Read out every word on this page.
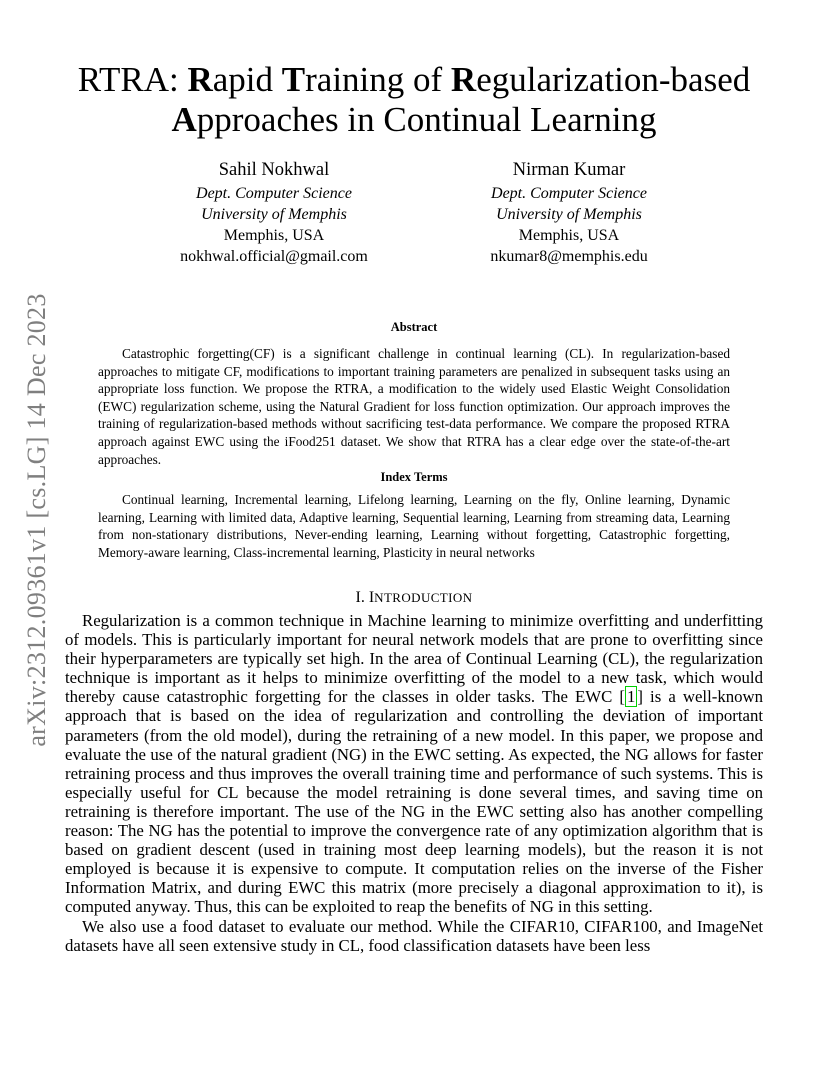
arXiv:2312.09361v1 [cs.LG] 14 Dec 2023
RTRA: Rapid Training of Regularization-based
Approaches in Continual Learning
Sahil Nokhwal
Dept. Computer Science
University of Memphis
Memphis, USA
nokhwal.official@gmail.com
Nirman Kumar
Dept. Computer Science
University of Memphis
Memphis, USA
nkumar8@memphis.edu
Abstract
Catastrophic forgetting(CF) is a significant challenge in continual learning (CL). In regularization-based approaches to mitigate CF, modifications to important training parameters are penalized in subsequent tasks using an appropriate loss function. We propose the RTRA, a modification to the widely used Elastic Weight Consolidation (EWC) regularization scheme, using the Natural Gradient for loss function optimization. Our approach improves the training of regularization-based methods without sacrificing test-data performance. We compare the proposed RTRA approach against EWC using the iFood251 dataset. We show that RTRA has a clear edge over the state-of-the-art approaches.
Index Terms
Continual learning, Incremental learning, Lifelong learning, Learning on the fly, Online learning, Dynamic learning, Learning with limited data, Adaptive learning, Sequential learning, Learning from streaming data, Learning from non-stationary distributions, Never-ending learning, Learning without forgetting, Catastrophic forgetting, Memory-aware learning, Class-incremental learning, Plasticity in neural networks
I. INTRODUCTION

Regularization is a common technique in Machine learning to minimize overfitting and underfitting of models. This is particularly important for neural network models that are prone to overfitting since their hyperparameters are typically set high. In the area of Continual Learning (CL), the regularization technique is important as it helps to minimize overfitting of the model to a new task, which would thereby cause catastrophic forgetting for the classes in older tasks. The EWC [ 1 ] is a well-known approach that is based on the idea of regularization and controlling the deviation of important parameters (from the old model), during the retraining of a new model. In this paper, we propose and evaluate the use of the natural gradient (NG) in the EWC setting. As expected, the NG allows for faster retraining process and thus improves the overall training time and performance of such systems. This is especially useful for CL because the model retraining is done several times, and saving time on retraining is therefore important. The use of the NG in the EWC setting also has another compelling reason: The NG has the potential to improve the convergence rate of any optimization algorithm that is based on gradient descent (used in training most deep learning models), but the reason it is not employed is because it is expensive to compute. It computation relies on the inverse of the Fisher Information Matrix, and during EWC this matrix (more precisely a diagonal approximation to it), is computed anyway. Thus, this can be exploited to reap the benefits of NG in this setting.

We also use a food dataset to evaluate our method. While the CIFAR10, CIFAR100, and ImageNet datasets have all seen extensive study in CL, food classification datasets have been less
